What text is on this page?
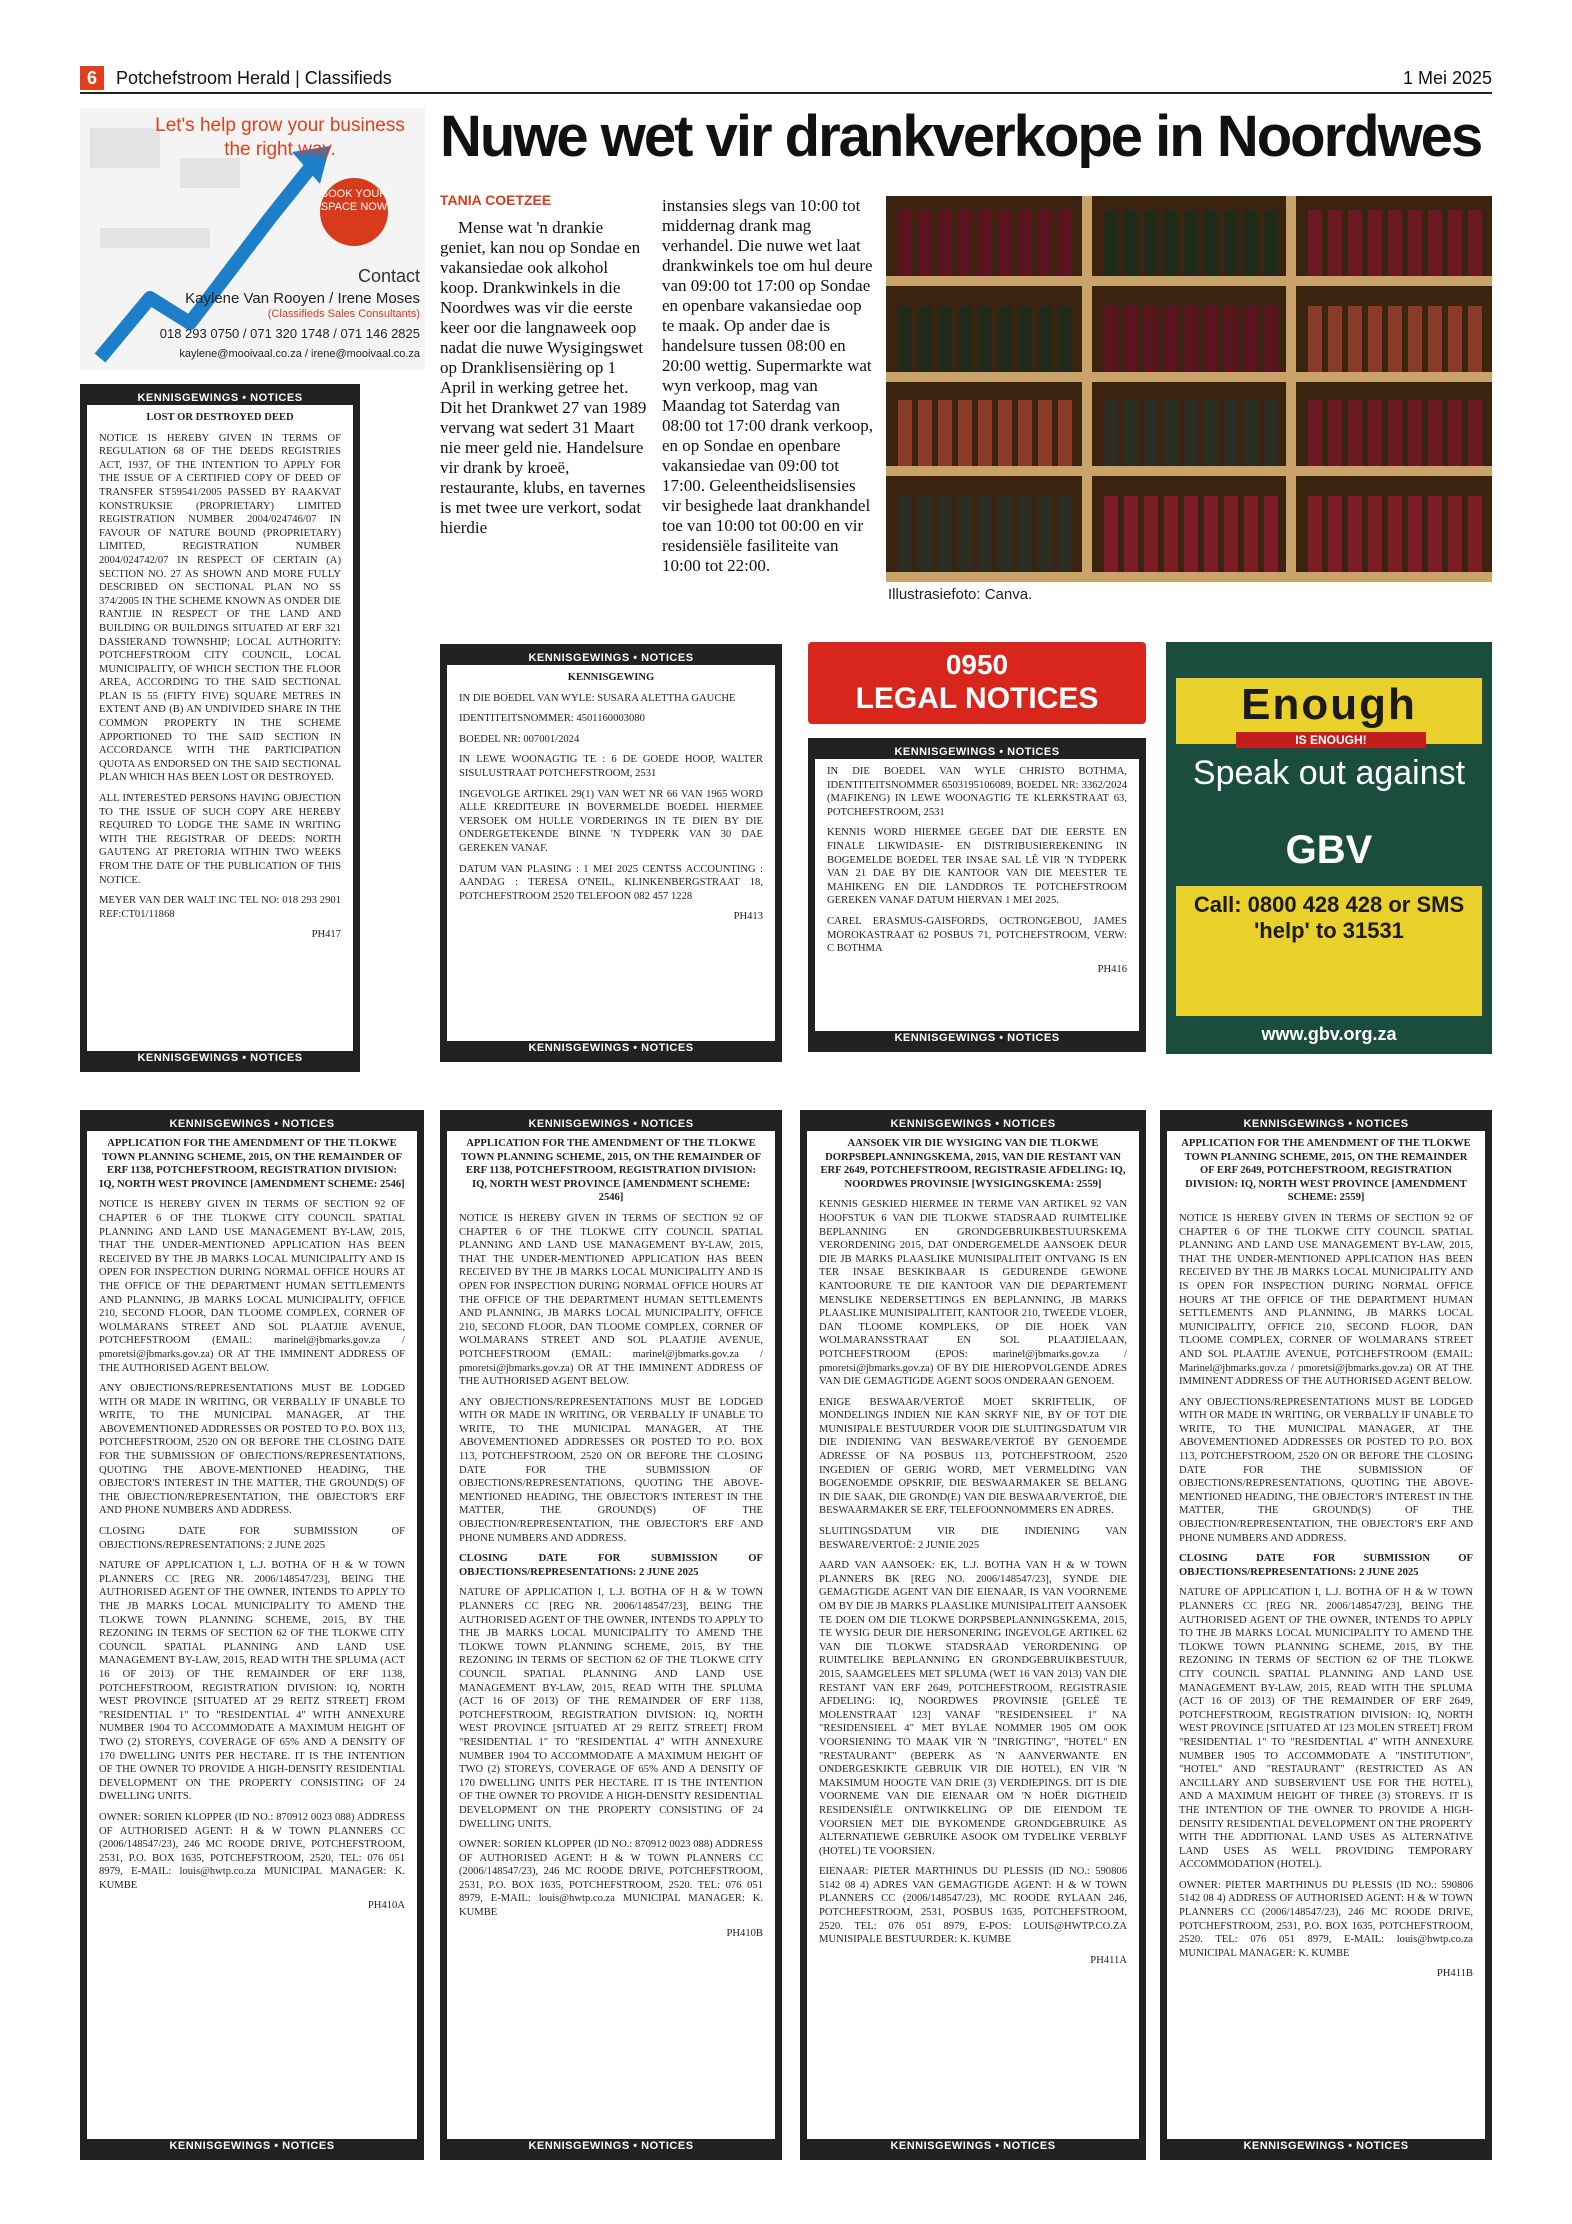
6	Potchefstroom Herald | Classifieds	1 Mei 2025
Let's help grow your business the right way.
BOOK YOUR SPACE NOW
Contact
Kaylene Van Rooyen / Irene Moses
(Classifieds Sales Consultants)
018 293 0750 / 071 320 1748 / 071 146 2825
kaylene@mooivaal.co.za / irene@mooivaal.co.za
Nuwe wet vir drankverkope in Noordwes
TANIA COETZEE

Mense wat 'n drankie geniet, kan nou op Sondae en vakansiedae ook alkohol koop. Drankwinkels in die Noordwes was vir die eerste keer oor die langnaweek oop nadat die nuwe Wysigingswet op Dranklisensiëring op 1 April in werking getree het. Dit het Drankwet 27 van 1989 vervang wat sedert 31 Maart nie meer geld nie. Handelsure vir drank by kroeë, restaurante, klubs, en tavernes is met twee ure verkort, sodat hierdie

instansies slegs van 10:00 tot middernag drank mag verhandel. Die nuwe wet laat drankwinkels toe om hul deure van 09:00 tot 17:00 op Sondae en openbare vakansiedae oop te maak. Op ander dae is handelsure tussen 08:00 en 20:00 wettig. Supermarkte wat wyn verkoop, mag van Maandag tot Saterdag van 08:00 tot 17:00 drank verkoop, en op Sondae en openbare vakansiedae van 09:00 tot 17:00. Geleentheidslisensies vir besighede laat drankhandel toe van 10:00 tot 00:00 en vir residensiële fasiliteite van 10:00 tot 22:00.

Illustrasiefoto: Canva.
KENNISGEWINGS • NOTICES

LOST OR DESTROYED DEED

NOTICE IS HEREBY GIVEN IN TERMS OF REGULATION 68 OF THE DEEDS REGISTRIES ACT, 1937, OF THE INTENTION TO APPLY FOR THE ISSUE OF A CERTIFIED COPY OF DEED OF TRANSFER ST59541/2005 PASSED BY RAAKVAT KONSTRUKSIE (PROPRIETARY) LIMITED REGISTRATION NUMBER 2004/024746/07 IN FAVOUR OF NATURE BOUND (PROPRIETARY) LIMITED, REGISTRATION NUMBER 2004/024742/07 IN RESPECT OF CERTAIN (A) SECTION NO. 27 AS SHOWN AND MORE FULLY DESCRIBED ON SECTIONAL PLAN NO SS 374/2005 IN THE SCHEME KNOWN AS ONDER DIE RANTJIE IN RESPECT OF THE LAND AND BUILDING OR BUILDINGS SITUATED AT ERF 321 DASSIERAND TOWNSHIP; LOCAL AUTHORITY: POTCHEFSTROOM CITY COUNCIL, LOCAL MUNICIPALITY, OF WHICH SECTION THE FLOOR AREA, ACCORDING TO THE SAID SECTIONAL PLAN IS 55 (FIFTY FIVE) SQUARE METRES IN EXTENT AND (B) AN UNDIVIDED SHARE IN THE COMMON PROPERTY IN THE SCHEME APPORTIONED TO THE SAID SECTION IN ACCORDANCE WITH THE PARTICIPATION QUOTA AS ENDORSED ON THE SAID SECTIONAL PLAN WHICH HAS BEEN LOST OR DESTROYED.

ALL INTERESTED PERSONS HAVING OBJECTION TO THE ISSUE OF SUCH COPY ARE HEREBY REQUIRED TO LODGE THE SAME IN WRITING WITH THE REGISTRAR OF DEEDS: NORTH GAUTENG AT PRETORIA WITHIN TWO WEEKS FROM THE DATE OF THE PUBLICATION OF THIS NOTICE.

MEYER VAN DER WALT INC TEL NO: 018 293 2901 REF:CT01/11868

PH417

KENNISGEWINGS • NOTICES
KENNISGEWINGS • NOTICES

KENNISGEWING

IN DIE BOEDEL VAN WYLE: SUSARA ALETTHA GAUCHE

IDENTITEITSNOMMER: 4501160003080

BOEDEL NR: 007001/2024

IN LEWE WOONAGTIG TE : 6 DE GOEDE HOOP, WALTER SISULUSTRAAT POTCHEFSTROOM, 2531

INGEVOLGE ARTIKEL 29(1) VAN WET NR 66 VAN 1965 WORD ALLE KREDITEURE IN BOVERMELDE BOEDEL HIERMEE VERSOEK OM HULLE VORDERINGS IN TE DIEN BY DIE ONDERGETEKENDE BINNE 'N TYDPERK VAN 30 DAE GEREKEN VANAF.

DATUM VAN PLASING : 1 MEI 2025 CENTSS ACCOUNTING : AANDAG : TERESA O'NEIL, KLINKENBERGSTRAAT 18, POTCHEFSTROOM 2520 TELEFOON 082 457 1228

PH413

KENNISGEWINGS • NOTICES
0950
LEGAL NOTICES
KENNISGEWINGS • NOTICES

IN DIE BOEDEL VAN WYLE CHRISTO BOTHMA, IDENTITEITSNOMMER 6503195106089, BOEDEL NR: 3362/2024 (MAFIKENG) IN LEWE WOONAGTIG TE KLERKSTRAAT 63, POTCHEFSTROOM, 2531

KENNIS WORD HIERMEE GEGEE DAT DIE EERSTE EN FINALE LIKWIDASIE- EN DISTRIBUSIEREKENING IN BOGEMELDE BOEDEL TER INSAE SAL LÊ VIR 'N TYDPERK VAN 21 DAE BY DIE KANTOOR VAN DIE MEESTER TE MAHIKENG EN DIE LANDDROS TE POTCHEFSTROOM GEREKEN VANAF DATUM HIERVAN 1 MEI 2025.

CAREL ERASMUS-GAISFORDS, OCTRONGEBOU, JAMES MOROKASTRAAT 62 POSBUS 71, POTCHEFSTROOM, VERW: C BOTHMA

PH416

KENNISGEWINGS • NOTICES
Enough
IS ENOUGH!
Speak out against
GBV
Call: 0800 428 428 or SMS 'help' to 31531
www.gbv.org.za
KENNISGEWINGS • NOTICES

APPLICATION FOR THE AMENDMENT OF THE TLOKWE TOWN PLANNING SCHEME, 2015, ON THE REMAINDER OF ERF 1138, POTCHEFSTROOM, REGISTRATION DIVISION: IQ, NORTH WEST PROVINCE [AMENDMENT SCHEME: 2546]

NOTICE IS HEREBY GIVEN IN TERMS OF SECTION 92 OF CHAPTER 6 OF THE TLOKWE CITY COUNCIL SPATIAL PLANNING AND LAND USE MANAGEMENT BY-LAW, 2015, THAT THE UNDER-MENTIONED APPLICATION HAS BEEN RECEIVED BY THE JB MARKS LOCAL MUNICIPALITY AND IS OPEN FOR INSPECTION DURING NORMAL OFFICE HOURS AT THE OFFICE OF THE DEPARTMENT HUMAN SETTLEMENTS AND PLANNING, JB MARKS LOCAL MUNICIPALITY, OFFICE 210, SECOND FLOOR, DAN TLOOME COMPLEX, CORNER OF WOLMARANS STREET AND SOL PLAATJIE AVENUE, POTCHEFSTROOM (EMAIL: marinel@jbmarks.gov.za / pmoretsi@jbmarks.gov.za) OR AT THE IMMINENT ADDRESS OF THE AUTHORISED AGENT BELOW.

ANY OBJECTIONS/REPRESENTATIONS MUST BE LODGED WITH OR MADE IN WRITING, OR VERBALLY IF UNABLE TO WRITE, TO THE MUNICIPAL MANAGER, AT THE ABOVEMENTIONED ADDRESSES OR POSTED TO P.O. BOX 113, POTCHEFSTROOM, 2520 ON OR BEFORE THE CLOSING DATE FOR THE SUBMISSION OF OBJECTIONS/REPRESENTATIONS, QUOTING THE ABOVE-MENTIONED HEADING, THE OBJECTOR'S INTEREST IN THE MATTER, THE GROUND(S) OF THE OBJECTION/REPRESENTATION, THE OBJECTOR'S ERF AND PHONE NUMBERS AND ADDRESS.

CLOSING DATE FOR SUBMISSION OF OBJECTIONS/REPRESENTATIONS: 2 JUNE 2025

NATURE OF APPLICATION I, L.J. BOTHA OF H & W TOWN PLANNERS CC [REG NR. 2006/148547/23], BEING THE AUTHORISED AGENT OF THE OWNER, INTENDS TO APPLY TO THE JB MARKS LOCAL MUNICIPALITY TO AMEND THE TLOKWE TOWN PLANNING SCHEME, 2015, BY THE REZONING IN TERMS OF SECTION 62 OF THE TLOKWE CITY COUNCIL SPATIAL PLANNING AND LAND USE MANAGEMENT BY-LAW, 2015, READ WITH THE SPLUMA (ACT 16 OF 2013) OF THE REMAINDER OF ERF 1138, POTCHEFSTROOM, REGISTRATION DIVISION: IQ, NORTH WEST PROVINCE [SITUATED AT 29 REITZ STREET] FROM "RESIDENTIAL 1" TO "RESIDENTIAL 4" WITH ANNEXURE NUMBER 1904 TO ACCOMMODATE A MAXIMUM HEIGHT OF TWO (2) STOREYS, COVERAGE OF 65% AND A DENSITY OF 170 DWELLING UNITS PER HECTARE. IT IS THE INTENTION OF THE OWNER TO PROVIDE A HIGH-DENSITY RESIDENTIAL DEVELOPMENT ON THE PROPERTY CONSISTING OF 24 DWELLING UNITS.

OWNER: SORIEN KLOPPER (ID NO.: 870912 0023 088) ADDRESS OF AUTHORISED AGENT: H & W TOWN PLANNERS CC (2006/148547/23), 246 MC ROODE DRIVE, POTCHEFSTROOM, 2531, P.O. BOX 1635, POTCHEFSTROOM, 2520, TEL: 076 051 8979, E-MAIL: louis@hwtp.co.za MUNICIPAL MANAGER: K. KUMBE

PH410A

KENNISGEWINGS • NOTICES
KENNISGEWINGS • NOTICES

APPLICATION FOR THE AMENDMENT OF THE TLOKWE TOWN PLANNING SCHEME, 2015, ON THE REMAINDER OF ERF 1138, POTCHEFSTROOM, REGISTRATION DIVISION: IQ, NORTH WEST PROVINCE [AMENDMENT SCHEME: 2546]

NOTICE IS HEREBY GIVEN IN TERMS OF SECTION 92 OF CHAPTER 6 OF THE TLOKWE CITY COUNCIL SPATIAL PLANNING AND LAND USE MANAGEMENT BY-LAW, 2015, THAT THE UNDER-MENTIONED APPLICATION HAS BEEN RECEIVED BY THE JB MARKS LOCAL MUNICIPALITY AND IS OPEN FOR INSPECTION DURING NORMAL OFFICE HOURS AT THE OFFICE OF THE DEPARTMENT HUMAN SETTLEMENTS AND PLANNING, JB MARKS LOCAL MUNICIPALITY, OFFICE 210, SECOND FLOOR, DAN TLOOME COMPLEX, CORNER OF WOLMARANS STREET AND SOL PLAATJIE AVENUE, POTCHEFSTROOM (EMAIL: marinel@jbmarks.gov.za / pmoretsi@jbmarks.gov.za) OR AT THE IMMINENT ADDRESS OF THE AUTHORISED AGENT BELOW.

ANY OBJECTIONS/REPRESENTATIONS MUST BE LODGED WITH OR MADE IN WRITING, OR VERBALLY IF UNABLE TO WRITE, TO THE MUNICIPAL MANAGER, AT THE ABOVEMENTIONED ADDRESSES OR POSTED TO P.O. BOX 113, POTCHEFSTROOM, 2520 ON OR BEFORE THE CLOSING DATE FOR THE SUBMISSION OF OBJECTIONS/REPRESENTATIONS, QUOTING THE ABOVE-MENTIONED HEADING, THE OBJECTOR'S INTEREST IN THE MATTER, THE GROUND(S) OF THE OBJECTION/REPRESENTATION, THE OBJECTOR'S ERF AND PHONE NUMBERS AND ADDRESS.

CLOSING DATE FOR SUBMISSION OF OBJECTIONS/REPRESENTATIONS: 2 JUNE 2025

NATURE OF APPLICATION I, L.J. BOTHA OF H & W TOWN PLANNERS CC [REG NR. 2006/148547/23], BEING THE AUTHORISED AGENT OF THE OWNER, INTENDS TO APPLY TO THE JB MARKS LOCAL MUNICIPALITY TO AMEND THE TLOKWE TOWN PLANNING SCHEME, 2015, BY THE REZONING IN TERMS OF SECTION 62 OF THE TLOKWE CITY COUNCIL SPATIAL PLANNING AND LAND USE MANAGEMENT BY-LAW, 2015, READ WITH THE SPLUMA (ACT 16 OF 2013) OF THE REMAINDER OF ERF 1138, POTCHEFSTROOM, REGISTRATION DIVISION: IQ, NORTH WEST PROVINCE [SITUATED AT 29 REITZ STREET] FROM "RESIDENTIAL 1" TO "RESIDENTIAL 4" WITH ANNEXURE NUMBER 1904 TO ACCOMMODATE A MAXIMUM HEIGHT OF TWO (2) STOREYS, COVERAGE OF 65% AND A DENSITY OF 170 DWELLING UNITS PER HECTARE. IT IS THE INTENTION OF THE OWNER TO PROVIDE A HIGH-DENSITY RESIDENTIAL DEVELOPMENT ON THE PROPERTY CONSISTING OF 24 DWELLING UNITS.

OWNER: SORIEN KLOPPER (ID NO.: 870912 0023 088) ADDRESS OF AUTHORISED AGENT: H & W TOWN PLANNERS CC (2006/148547/23), 246 MC ROODE DRIVE, POTCHEFSTROOM, 2531, P.O. BOX 1635, POTCHEFSTROOM, 2520. TEL: 076 051 8979, E-MAIL: louis@hwtp.co.za MUNICIPAL MANAGER: K. KUMBE

PH410B

KENNISGEWINGS • NOTICES
KENNISGEWINGS • NOTICES

AANSOEK VIR DIE WYSIGING VAN DIE TLOKWE DORPSBEPLANNINGSKEMA, 2015, VAN DIE RESTANT VAN ERF 2649, POTCHEFSTROOM, REGISTRASIE AFDELING: IQ, NOORDWES PROVINSIE [WYSIGINGSKEMA: 2559]

KENNIS GESKIED HIERMEE IN TERME VAN ARTIKEL 92 VAN HOOFSTUK 6 VAN DIE TLOKWE STADSRAAD RUIMTELIKE BEPLANNING EN GRONDGEBRUIKBESTUURSKEMA VERORDENING 2015, DAT ONDERGEMELDE AANSOEK DEUR DIE JB MARKS PLAASLIKE MUNISIPALITEIT ONTVANG IS EN TER INSAE BESKIKBAAR IS GEDURENDE GEWONE KANTOORURE TE DIE KANTOOR VAN DIE DEPARTEMENT MENSLIKE NEDERSETTINGS EN BEPLANNING, JB MARKS PLAASLIKE MUNISIPALITEIT, KANTOOR 210, TWEEDE VLOER, DAN TLOOME KOMPLEKS, OP DIE HOEK VAN WOLMARANSSTRAAT EN SOL PLAATJIELAAN, POTCHEFSTROOM (EPOS: marinel@jbmarks.gov.za / pmoretsi@jbmarks.gov.za) OF BY DIE HIEROPVOLGENDE ADRES VAN DIE GEMAGTIGDE AGENT SOOS ONDERAAN GENOEM.

ENIGE BESWAAR/VERTOË MOET SKRIFTELIK, OF MONDELINGS INDIEN NIE KAN SKRYF NIE, BY OF TOT DIE MUNISIPALE BESTUURDER VOOR DIE SLUITINGSDATUM VIR DIE INDIENING VAN BESWARE/VERTOË BY GENOEMDE ADRESSE OF NA POSBUS 113, POTCHEFSTROOM, 2520 INGEDIEN OF GERIG WORD, MET VERMELDING VAN BOGENOEMDE OPSKRIF, DIE BESWAARMAKER SE BELANG IN DIE SAAK, DIE GROND(E) VAN DIE BESWAAR/VERTOË, DIE BESWAARMAKER SE ERF, TELEFOONNOMMERS EN ADRES.

SLUITINGSDATUM VIR DIE INDIENING VAN BESWARE/VERTOË: 2 JUNIE 2025

AARD VAN AANSOEK: EK, L.J. BOTHA VAN H & W TOWN PLANNERS BK [REG NO. 2006/148547/23], SYNDE DIE GEMAGTIGDE AGENT VAN DIE EIENAAR, IS VAN VOORNEME OM BY DIE JB MARKS PLAASLIKE MUNISIPALITEIT AANSOEK TE DOEN OM DIE TLOKWE DORPSBEPLANNINGSKEMA, 2015, TE WYSIG DEUR DIE HERSONERING INGEVOLGE ARTIKEL 62 VAN DIE TLOKWE STADSRAAD VERORDENING OP RUIMTELIKE BEPLANNING EN GRONDGEBRUIKBESTUUR, 2015, SAAMGELEES MET SPLUMA (WET 16 VAN 2013) VAN DIE RESTANT VAN ERF 2649, POTCHEFSTROOM, REGISTRASIE AFDELING: IQ, NOORDWES PROVINSIE [GELEË TE MOLENSTRAAT 123] VANAF "RESIDENSIEEL 1" NA "RESIDENSIEEL 4" MET BYLAE NOMMER 1905 OM OOK VOORSIENING TO MAAK VIR 'N "INRIGTING", "HOTEL" EN "RESTAURANT" (BEPERK AS 'N AANVERWANTE EN ONDERGESKIKTE GEBRUIK VIR DIE HOTEL), EN VIR 'N MAKSIMUM HOOGTE VAN DRIE (3) VERDIEPINGS. DIT IS DIE VOORNEME VAN DIE EIENAAR OM 'N HOËR DIGTHEID RESIDENSIËLE ONTWIKKELING OP DIE EIENDOM TE VOORSIEN MET DIE BYKOMENDE GRONDGEBRUIKE AS ALTERNATIEWE GEBRUIKE ASOOK OM TYDELIKE VERBLYF (HOTEL) TE VOORSIEN.

EIENAAR: PIETER MARTHINUS DU PLESSIS (ID NO.: 590806 5142 08 4) ADRES VAN GEMAGTIGDE AGENT: H & W TOWN PLANNERS CC (2006/148547/23), MC ROODE RYLAAN 246, POTCHEFSTROOM, 2531, POSBUS 1635, POTCHEFSTROOM, 2520. TEL: 076 051 8979, E-POS: LOUIS@HWTP.CO.ZA MUNISIPALE BESTUURDER: K. KUMBE

PH411A

KENNISGEWINGS • NOTICES
KENNISGEWINGS • NOTICES

APPLICATION FOR THE AMENDMENT OF THE TLOKWE TOWN PLANNING SCHEME, 2015, ON THE REMAINDER OF ERF 2649, POTCHEFSTROOM, REGISTRATION DIVISION: IQ, NORTH WEST PROVINCE [AMENDMENT SCHEME: 2559]

NOTICE IS HEREBY GIVEN IN TERMS OF SECTION 92 OF CHAPTER 6 OF THE TLOKWE CITY COUNCIL SPATIAL PLANNING AND LAND USE MANAGEMENT BY-LAW, 2015, THAT THE UNDER-MENTIONED APPLICATION HAS BEEN RECEIVED BY THE JB MARKS LOCAL MUNICIPALITY AND IS OPEN FOR INSPECTION DURING NORMAL OFFICE HOURS AT THE OFFICE OF THE DEPARTMENT HUMAN SETTLEMENTS AND PLANNING, JB MARKS LOCAL MUNICIPALITY, OFFICE 210, SECOND FLOOR, DAN TLOOME COMPLEX, CORNER OF WOLMARANS STREET AND SOL PLAATJIE AVENUE, POTCHEFSTROOM (EMAIL: Marinel@jbmarks.gov.za / pmoretsi@jbmarks.gov.za) OR AT THE IMMINENT ADDRESS OF THE AUTHORISED AGENT BELOW.

ANY OBJECTIONS/REPRESENTATIONS MUST BE LODGED WITH OR MADE IN WRITING, OR VERBALLY IF UNABLE TO WRITE, TO THE MUNICIPAL MANAGER, AT THE ABOVEMENTIONED ADDRESSES OR POSTED TO P.O. BOX 113, POTCHEFSTROOM, 2520 ON OR BEFORE THE CLOSING DATE FOR THE SUBMISSION OF OBJECTIONS/REPRESENTATIONS, QUOTING THE ABOVE-MENTIONED HEADING, THE OBJECTOR'S INTEREST IN THE MATTER, THE GROUND(S) OF THE OBJECTION/REPRESENTATION, THE OBJECTOR'S ERF AND PHONE NUMBERS AND ADDRESS.

CLOSING DATE FOR SUBMISSION OF OBJECTIONS/REPRESENTATIONS: 2 JUNE 2025

NATURE OF APPLICATION I, L.J. BOTHA OF H & W TOWN PLANNERS CC [REG NR. 2006/148547/23], BEING THE AUTHORISED AGENT OF THE OWNER, INTENDS TO APPLY TO THE JB MARKS LOCAL MUNICIPALITY TO AMEND THE TLOKWE TOWN PLANNING SCHEME, 2015, BY THE REZONING IN TERMS OF SECTION 62 OF THE TLOKWE CITY COUNCIL SPATIAL PLANNING AND LAND USE MANAGEMENT BY-LAW, 2015, READ WITH THE SPLUMA (ACT 16 OF 2013) OF THE REMAINDER OF ERF 2649, POTCHEFSTROOM, REGISTRATION DIVISION: IQ, NORTH WEST PROVINCE [SITUATED AT 123 MOLEN STREET] FROM "RESIDENTIAL 1" TO "RESIDENTIAL 4" WITH ANNEXURE NUMBER 1905 TO ACCOMMODATE A "INSTITUTION", "HOTEL" AND "RESTAURANT" (RESTRICTED AS AN ANCILLARY AND SUBSERVIENT USE FOR THE HOTEL), AND A MAXIMUM HEIGHT OF THREE (3) STOREYS. IT IS THE INTENTION OF THE OWNER TO PROVIDE A HIGH-DENSITY RESIDENTIAL DEVELOPMENT ON THE PROPERTY WITH THE ADDITIONAL LAND USES AS ALTERNATIVE LAND USES AS WELL PROVIDING TEMPORARY ACCOMMODATION (HOTEL).

OWNER: PIETER MARTHINUS DU PLESSIS (ID NO.: 590806 5142 08 4) ADDRESS OF AUTHORISED AGENT: H & W TOWN PLANNERS CC (2006/148547/23), 246 MC ROODE DRIVE, POTCHEFSTROOM, 2531, P.O. BOX 1635, POTCHEFSTROOM, 2520. TEL: 076 051 8979, E-MAIL: louis@hwtp.co.za MUNICIPAL MANAGER: K. KUMBE

PH411B

KENNISGEWINGS • NOTICES
